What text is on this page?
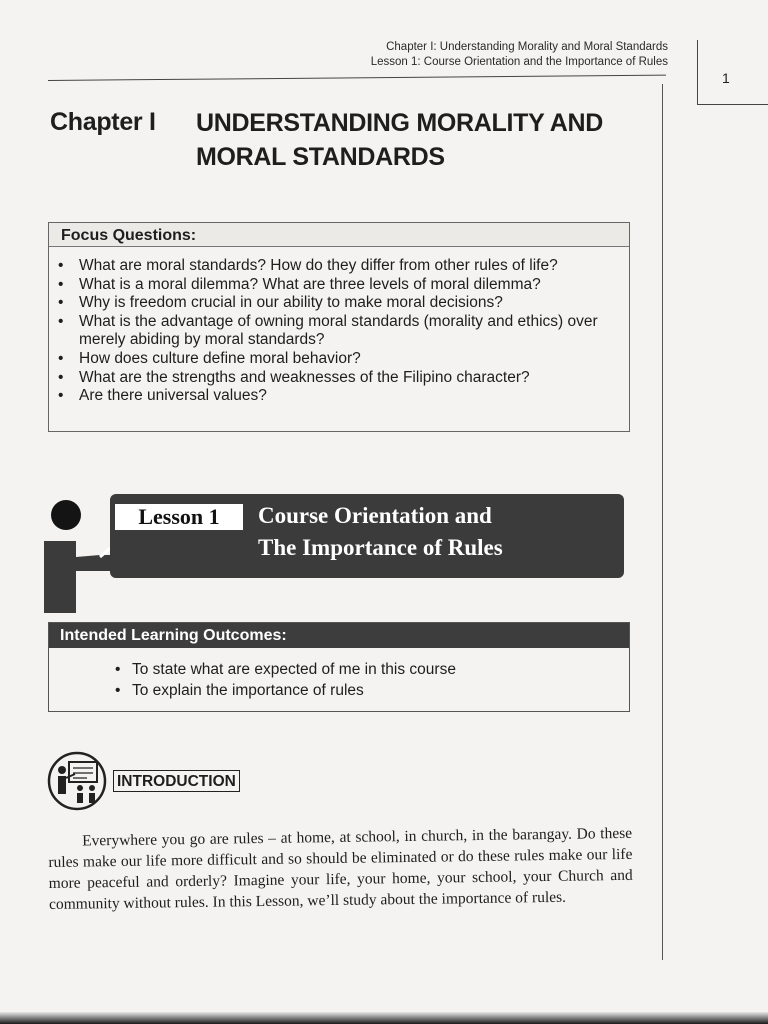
Chapter I: Understanding Morality and Moral Standards
Lesson 1: Course Orientation and the Importance of Rules
1
Chapter I UNDERSTANDING MORALITY AND
MORAL STANDARDS
Focus Questions:
• What are moral standards? How do they differ from other rules of life?
• What is a moral dilemma? What are three levels of moral dilemma?
• Why is freedom crucial in our ability to make moral decisions?
• What is the advantage of owning moral standards (morality and ethics) over merely abiding by moral standards?
• How does culture define moral behavior?
• What are the strengths and weaknesses of the Filipino character?
• Are there universal values?
Lesson 1	Course Orientation and
The Importance of Rules
Intended Learning Outcomes:
• To state what are expected of me in this course
• To explain the importance of rules
INTRODUCTION

Everywhere you go are rules – at home, at school, in church, in the barangay. Do these rules make our life more difficult and so should be eliminated or do these rules make our life more peaceful and orderly? Imagine your life, your home, your school, your Church and community without rules. In this Lesson, we’ll study about the importance of rules.
